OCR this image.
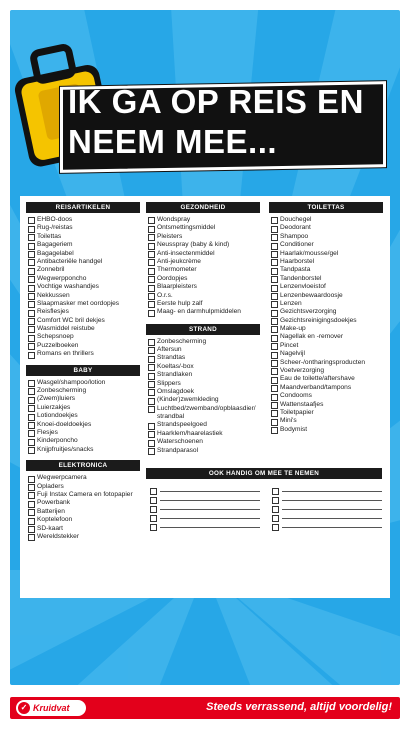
IK GA OP REIS EN
NEEM MEE...
REISARTIKELEN
EHBO-doos
Rug-/reistas
Toilettas
Bagageriem
Bagagelabel
Antibacteriële handgel
Zonnebril
Wegwerpponcho
Vochtige washandjes
Nekkussen
Slaapmasker met oordopjes
Reisflesjes
Comfort WC bril dekjes
Wasmiddel reistube
Schepsnoep
Puzzelboeken
Romans en thrillers
BABY
Wasgel/shampoo/lotion
Zonbescherming
(Zwem)luiers
Luierzakjes
Lotiondoekjes
Knoei-doeldoekjes
Flesjes
Kinderponcho
Knijpfruitjes/snacks
ELEKTRONICA
Wegwerpcamera
Opladers
Fuji Instax Camera en fotopapier
Powerbank
Batterijen
Koptelefoon
SD-kaart
Wereldstekker
GEZONDHEID
Wondspray
Ontsmettingsmiddel
Pleisters
Neusspray (baby & kind)
Anti-insectenmiddel
Anti-jeukcrème
Thermometer
Oordopjes
Blaarpleisters
O.r.s.
Eerste hulp zalf
Maag- en darmhulpmiddelen
STRAND
Zonbescherming
Aftersun
Strandtas
Koeltas/-box
Strandlaken
Slippers
Omslagdoek
(Kinder)zwemkleding
Luchtbed/zwemband/opblaasdier/ strandbal
Strandspeelgoed
Haarklem/haarelastiek
Waterschoenen
Strandparasol
TOILETTAS
Douchegel
Deodorant
Shampoo
Conditioner
Haarlak/mousse/gel
Haarborstel
Tandpasta
Tandenborstel
Lenzenvloeistof
Lenzenbewaardoosje
Lenzen
Gezichtsverzorging
Gezichtsreinigingsdoekjes
Make-up
Nagellak en -remover
Pincet
Nagelvijl
Scheer-/ontharingsproducten
Voetverzorging
Eau de toilette/aftershave
Maandverband/tampons
Condooms
Wattenstaafjes
Toiletpapier
Mini's
Bodymist
OOK HANDIG OM MEE TE NEMEN
✓ Kruidvat	Steeds verrassend, altijd voordelig!
